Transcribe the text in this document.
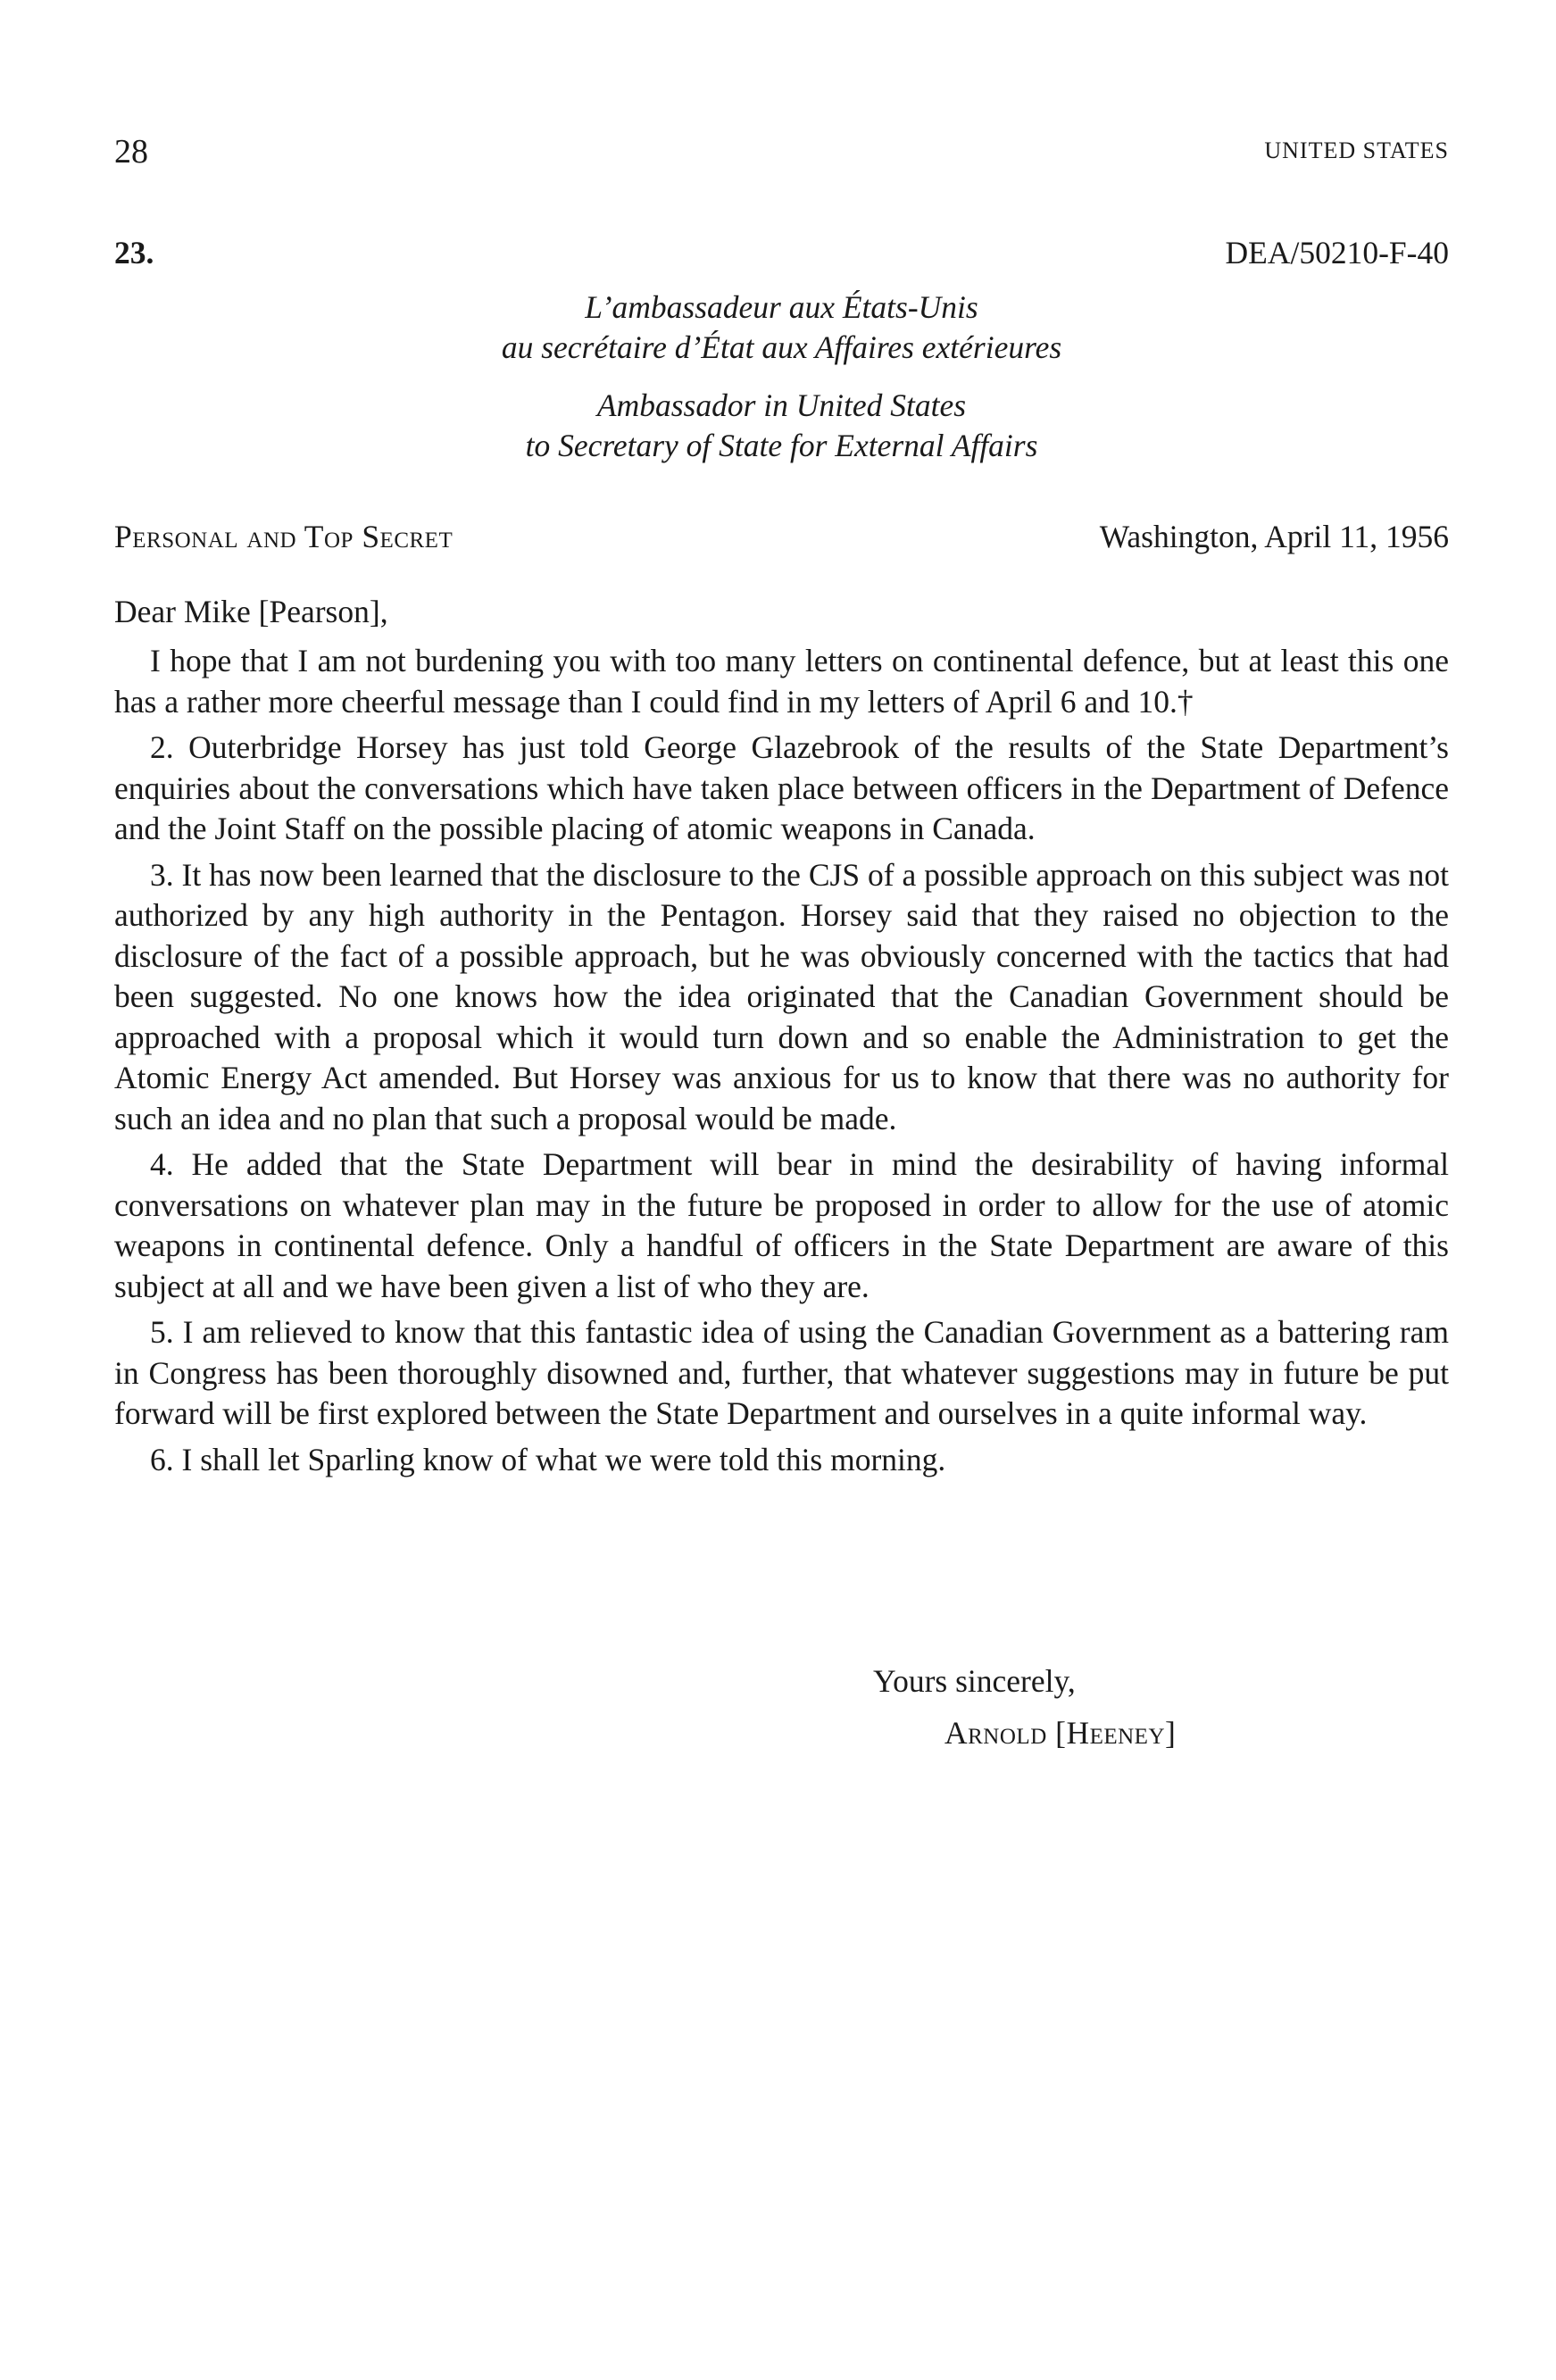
28	UNITED STATES
23.	DEA/50210-F-40
L’ambassadeur aux États-Unis
au secrétaire d’État aux Affaires extérieures
Ambassador in United States
to Secretary of State for External Affairs
Personal and Top Secret	Washington, April 11, 1956
Dear Mike [Pearson],

I hope that I am not burdening you with too many letters on continental defence, but at least this one has a rather more cheerful message than I could find in my letters of April 6 and 10.†

2. Outerbridge Horsey has just told George Glazebrook of the results of the State Department’s enquiries about the conversations which have taken place between officers in the Department of Defence and the Joint Staff on the possible placing of atomic weapons in Canada.

3. It has now been learned that the disclosure to the CJS of a possible approach on this subject was not authorized by any high authority in the Pentagon. Horsey said that they raised no objection to the disclosure of the fact of a possible approach, but he was obviously concerned with the tactics that had been suggested. No one knows how the idea originated that the Canadian Government should be approached with a proposal which it would turn down and so enable the Administration to get the Atomic Energy Act amended. But Horsey was anxious for us to know that there was no authority for such an idea and no plan that such a proposal would be made.

4. He added that the State Department will bear in mind the desirability of having informal conversations on whatever plan may in the future be proposed in order to allow for the use of atomic weapons in continental defence. Only a handful of officers in the State Department are aware of this subject at all and we have been given a list of who they are.

5. I am relieved to know that this fantastic idea of using the Canadian Government as a battering ram in Congress has been thoroughly disowned and, further, that whatever suggestions may in future be put forward will be first explored between the State Department and ourselves in a quite informal way.

6. I shall let Sparling know of what we were told this morning.

Yours sincerely,
Arnold [Heeney]
